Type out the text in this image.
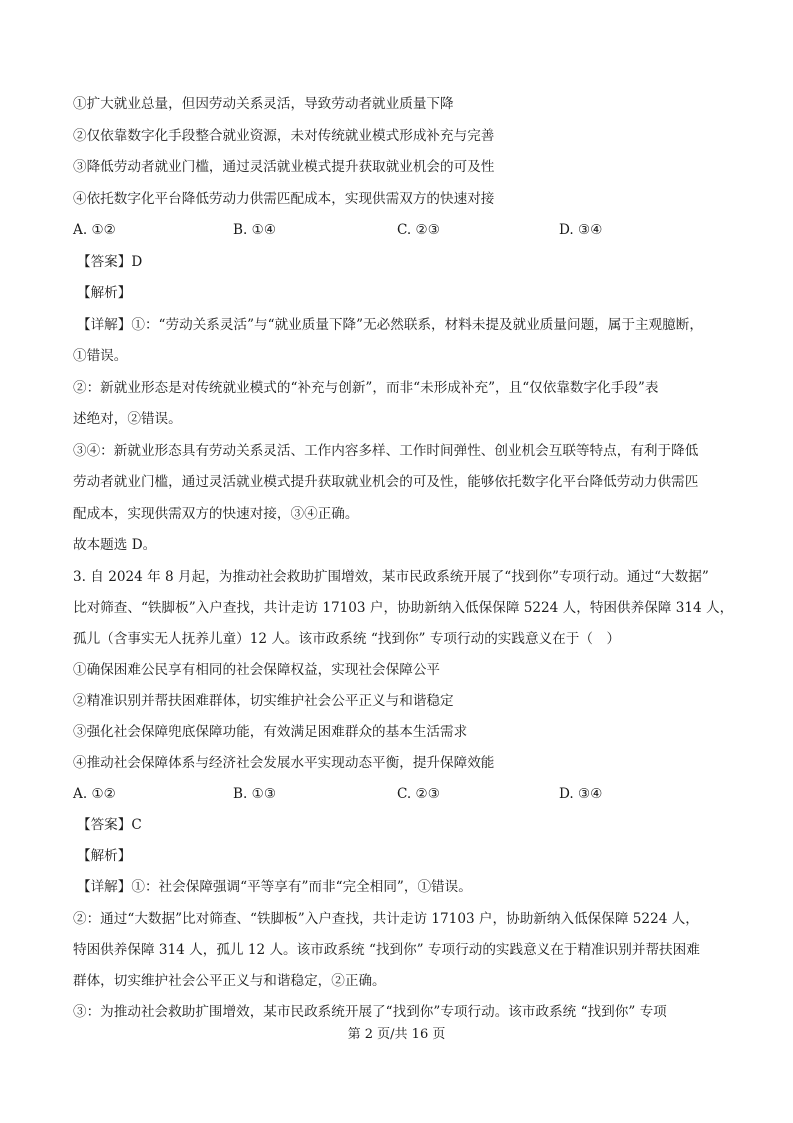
①扩大就业总量，但因劳动关系灵活，导致劳动者就业质量下降
②仅依靠数字化手段整合就业资源，未对传统就业模式形成补充与完善
③降低劳动者就业门槛，通过灵活就业模式提升获取就业机会的可及性
④依托数字化平台降低劳动力供需匹配成本，实现供需双方的快速对接
A. ①②	B. ①④	C. ②③	D. ③④
【答案】D
【解析】
【详解】①：“劳动关系灵活”与“就业质量下降”无必然联系，材料未提及就业质量问题，属于主观臆断，
①错误。
②：新就业形态是对传统就业模式的“补充与创新”，而非“未形成补充”，且“仅依靠数字化手段”表
述绝对，②错误。
③④：新就业形态具有劳动关系灵活、工作内容多样、工作时间弹性、创业机会互联等特点，有利于降低
劳动者就业门槛，通过灵活就业模式提升获取就业机会的可及性，能够依托数字化平台降低劳动力供需匹
配成本，实现供需双方的快速对接，③④正确。
故本题选 D。
3. 自 2024 年 8 月起，为推动社会救助扩围增效，某市民政系统开展了“找到你”专项行动。通过“大数据”
比对筛查、“铁脚板”入户查找，共计走访 17103 户，协助新纳入低保保障 5224 人，特困供养保障 314 人，
孤儿（含事实无人抚养儿童）12 人。该市政系统 “找到你” 专项行动的实践意义在于（　）
①确保困难公民享有相同的社会保障权益，实现社会保障公平
②精准识别并帮扶困难群体，切实维护社会公平正义与和谐稳定
③强化社会保障兜底保障功能，有效满足困难群众的基本生活需求
④推动社会保障体系与经济社会发展水平实现动态平衡，提升保障效能
A. ①②	B. ①③	C. ②③	D. ③④
【答案】C
【解析】
【详解】①：社会保障强调“平等享有”而非“完全相同”，①错误。
②：通过“大数据”比对筛查、“铁脚板”入户查找，共计走访 17103 户，协助新纳入低保保障 5224 人，
特困供养保障 314 人，孤儿 12 人。该市政系统 “找到你” 专项行动的实践意义在于精准识别并帮扶困难
群体，切实维护社会公平正义与和谐稳定，②正确。
③：为推动社会救助扩围增效，某市民政系统开展了“找到你”专项行动。该市政系统 “找到你” 专项
第 2 页/共 16 页
